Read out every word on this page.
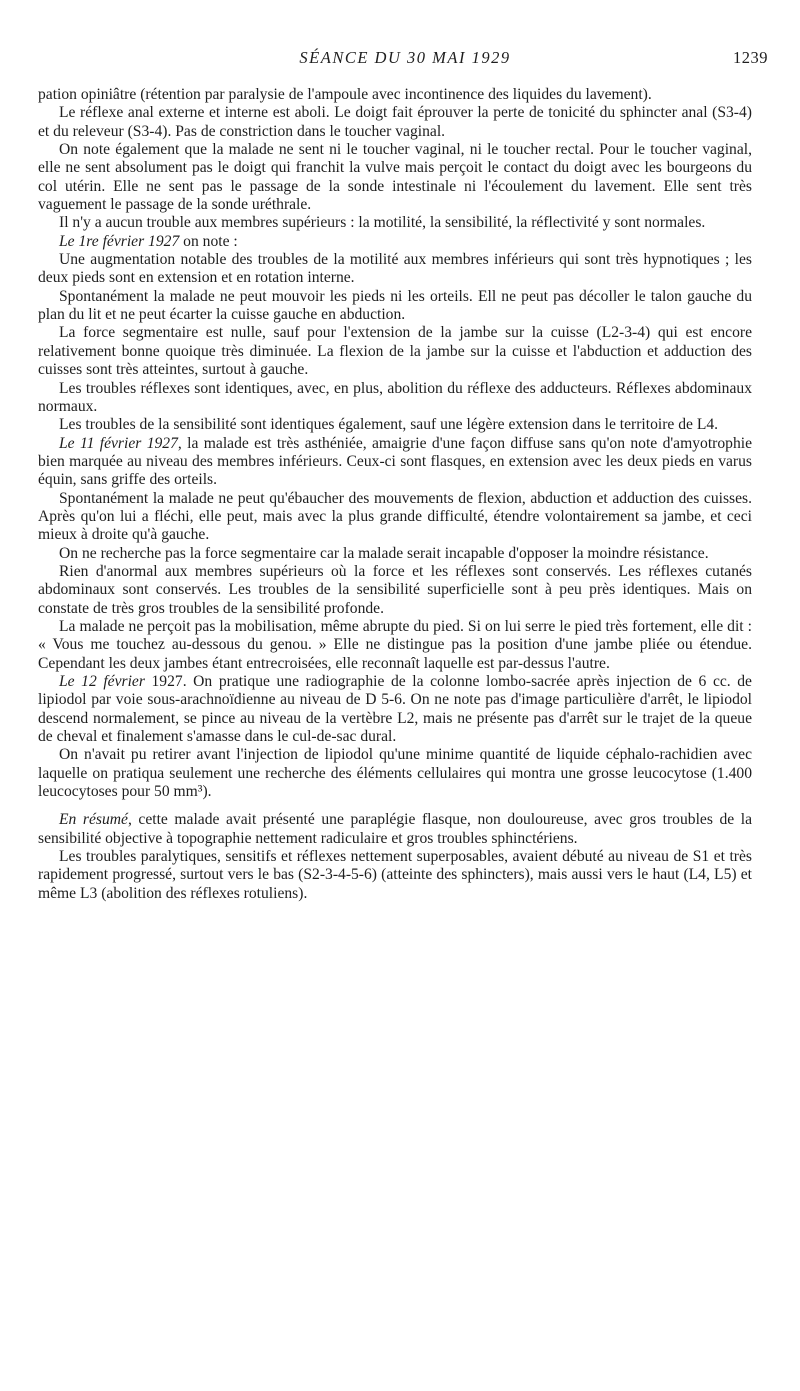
SÉANCE DU 30 MAI 1929	1239

pation opiniâtre (rétention par paralysie de l'ampoule avec incontinence des liquides du lavement).

Le réflexe anal externe et interne est aboli. Le doigt fait éprouver la perte de tonicité du sphincter anal (S3-4) et du releveur (S3-4). Pas de constriction dans le toucher vaginal.

On note également que la malade ne sent ni le toucher vaginal, ni le toucher rectal. Pour le toucher vaginal, elle ne sent absolument pas le doigt qui franchit la vulve mais perçoit le contact du doigt avec les bourgeons du col utérin. Elle ne sent pas le passage de la sonde intestinale ni l'écoulement du lavement. Elle sent très vaguement le passage de la sonde uréthrale.

Il n'y a aucun trouble aux membres supérieurs : la motilité, la sensibilité, la réflectivité y sont normales.

Le 1re février 1927 on note :

Une augmentation notable des troubles de la motilité aux membres inférieurs qui sont très hypnotiques ; les deux pieds sont en extension et en rotation interne.

Spontanément la malade ne peut mouvoir les pieds ni les orteils. Ell ne peut pas décoller le talon gauche du plan du lit et ne peut écarter la cuisse gauche en abduction.

La force segmentaire est nulle, sauf pour l'extension de la jambe sur la cuisse (L2-3-4) qui est encore relativement bonne quoique très diminuée. La flexion de la jambe sur la cuisse et l'abduction et adduction des cuisses sont très atteintes, surtout à gauche.

Les troubles réflexes sont identiques, avec, en plus, abolition du réflexe des adducteurs. Réflexes abdominaux normaux.

Les troubles de la sensibilité sont identiques également, sauf une légère extension dans le territoire de L4.

Le 11 février 1927, la malade est très asthéniée, amaigrie d'une façon diffuse sans qu'on note d'amyotrophie bien marquée au niveau des membres inférieurs. Ceux-ci sont flasques, en extension avec les deux pieds en varus équin, sans griffe des orteils.

Spontanément la malade ne peut qu'ébaucher des mouvements de flexion, abduction et adduction des cuisses. Après qu'on lui a fléchi, elle peut, mais avec la plus grande difficulté, étendre volontairement sa jambe, et ceci mieux à droite qu'à gauche.

On ne recherche pas la force segmentaire car la malade serait incapable d'opposer la moindre résistance.

Rien d'anormal aux membres supérieurs où la force et les réflexes sont conservés. Les réflexes cutanés abdominaux sont conservés. Les troubles de la sensibilité superficielle sont à peu près identiques. Mais on constate de très gros troubles de la sensibilité profonde.

La malade ne perçoit pas la mobilisation, même abrupte du pied. Si on lui serre le pied très fortement, elle dit : « Vous me touchez au-dessous du genou. » Elle ne distingue pas la position d'une jambe pliée ou étendue. Cependant les deux jambes étant entrecroisées, elle reconnaît laquelle est par-dessus l'autre.

Le 12 février 1927. On pratique une radiographie de la colonne lombo-sacrée après injection de 6 cc. de lipiodol par voie sous-arachnoïdienne au niveau de D 5-6. On ne note pas d'image particulière d'arrêt, le lipiodol descend normalement, se pince au niveau de la vertèbre L2, mais ne présente pas d'arrêt sur le trajet de la queue de cheval et finalement s'amasse dans le cul-de-sac dural.

On n'avait pu retirer avant l'injection de lipiodol qu'une minime quantité de liquide céphalo-rachidien avec laquelle on pratiqua seulement une recherche des éléments cellulaires qui montra une grosse leucocytose (1.400 leucocytoses pour 50 mm³).

En résumé, cette malade avait présenté une paraplégie flasque, non douloureuse, avec gros troubles de la sensibilité objective à topographie nettement radiculaire et gros troubles sphinctériens.

Les troubles paralytiques, sensitifs et réflexes nettement superposables, avaient débuté au niveau de S1 et très rapidement progressé, surtout vers le bas (S2-3-4-5-6) (atteinte des sphincters), mais aussi vers le haut (L4, L5) et même L3 (abolition des réflexes rotuliens).
